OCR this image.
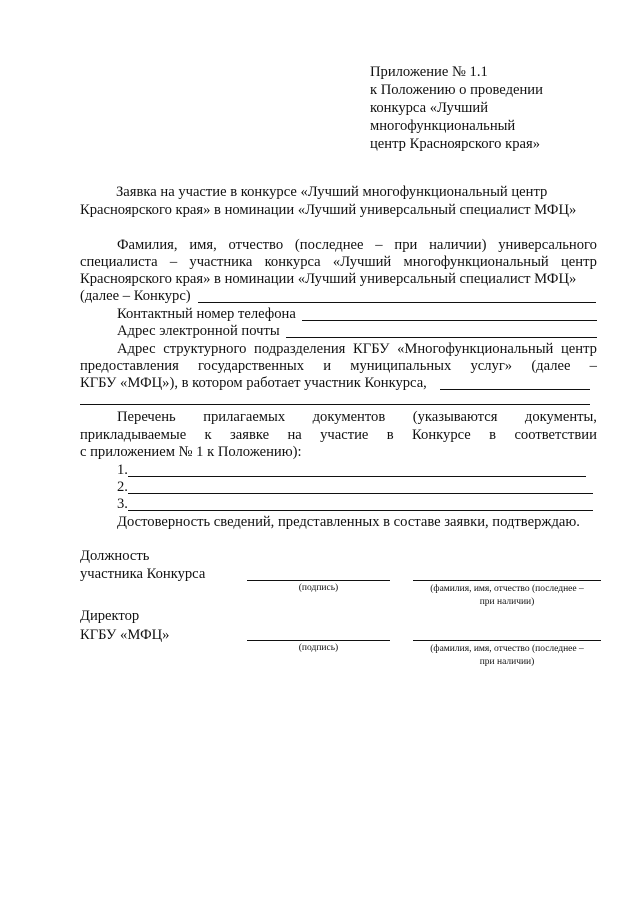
Приложение № 1.1
к Положению о проведении
конкурса «Лучший
многофункциональный
центр Красноярского края»
Заявка на участие в конкурсе «Лучший многофункциональный центр
Красноярского края» в номинации «Лучший универсальный специалист МФЦ»
Фамилия, имя, отчество (последнее – при наличии) универсального
специалиста – участника конкурса «Лучший многофункциональный центр
Красноярского края» в номинации «Лучший универсальный специалист МФЦ»
(далее – Конкурс)
Контактный номер телефона
Адрес электронной почты
Адрес структурного подразделения КГБУ «Многофункциональный центр
предоставления государственных и муниципальных услуг» (далее –
КГБУ «МФЦ»), в котором работает участник Конкурса,
Перечень прилагаемых документов (указываются документы,
прикладываемые к заявке на участие в Конкурсе в соответствии
с приложением № 1 к Положению):
1.
2.
3.
Достоверность сведений, представленных в составе заявки, подтверждаю.
Должность
участника Конкурса
(подпись)	(фамилия, имя, отчество (последнее –
при наличии)
Директор
КГБУ «МФЦ»
(подпись)	(фамилия, имя, отчество (последнее –
при наличии)
